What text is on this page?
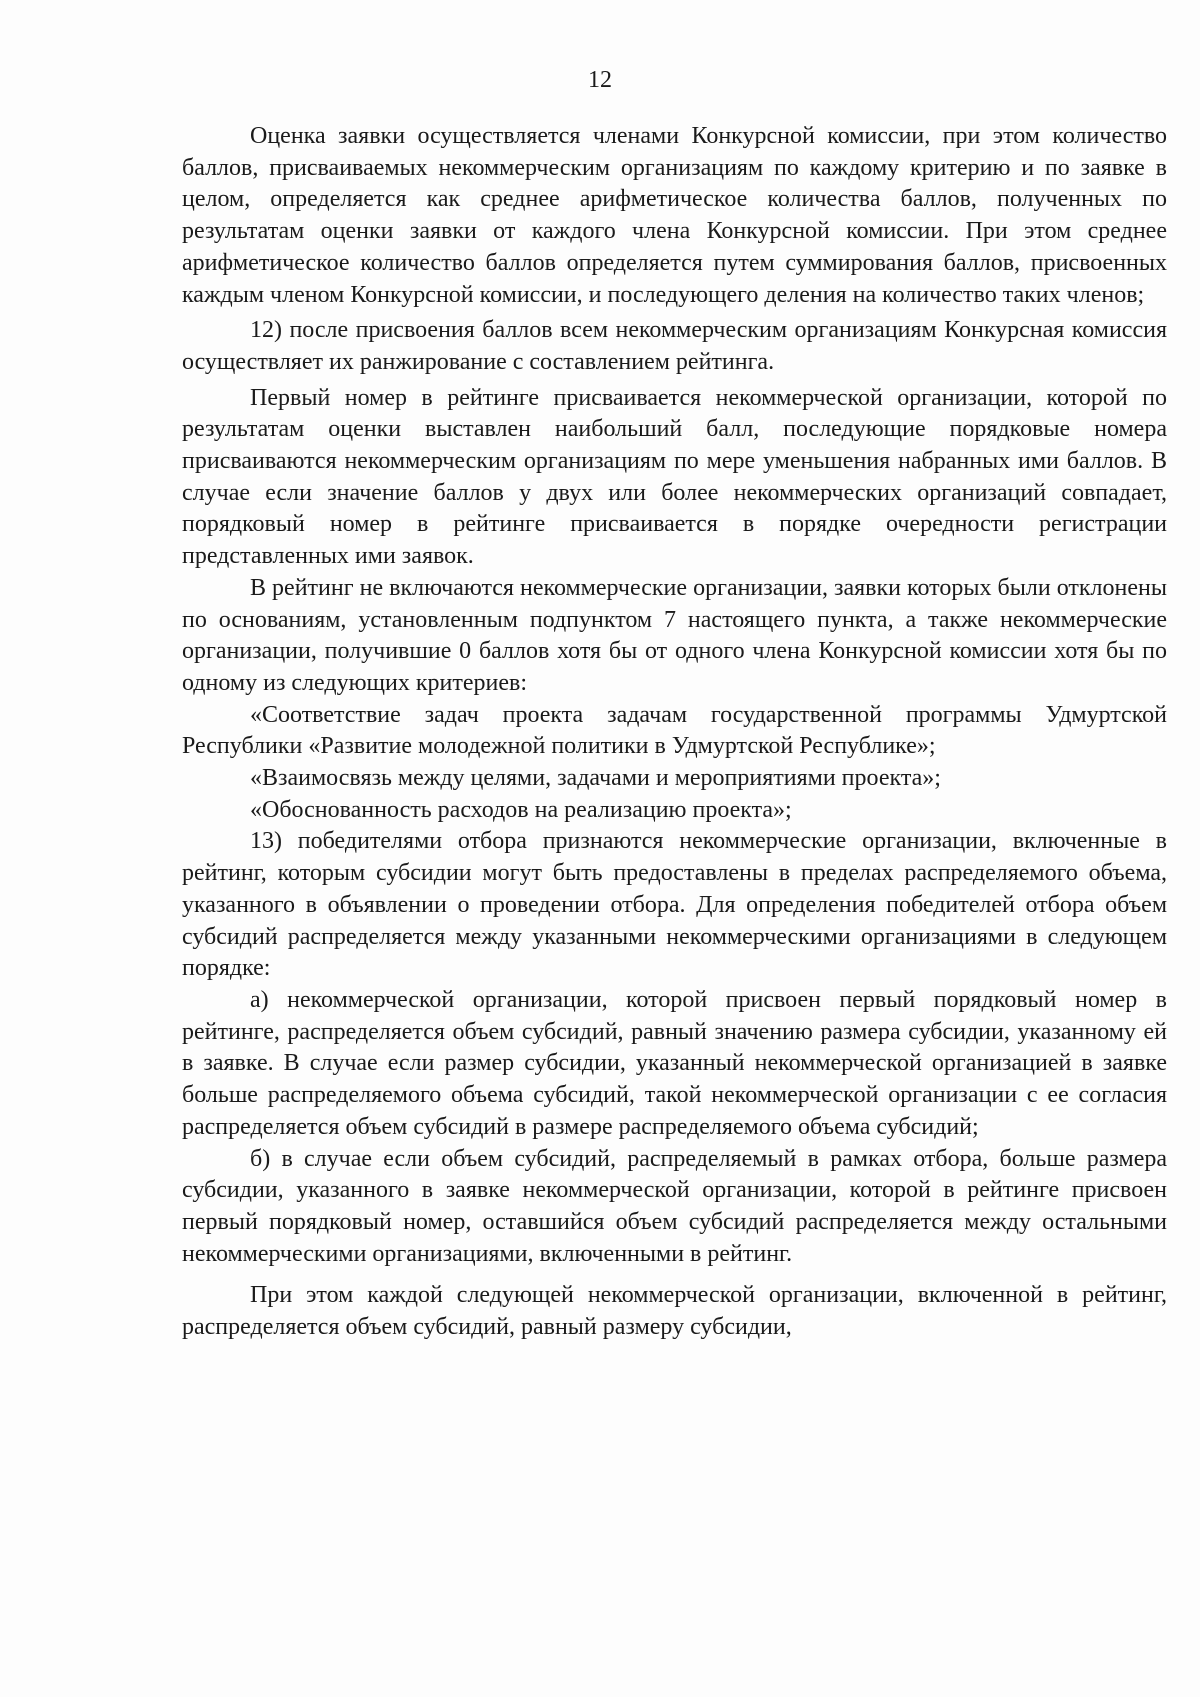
12

Оценка заявки осуществляется членами Конкурсной комиссии, при этом количество баллов, присваиваемых некоммерческим организациям по каждому критерию и по заявке в целом, определяется как среднее арифметическое количества баллов, полученных по результатам оценки заявки от каждого члена Конкурсной комиссии. При этом среднее арифметическое количество баллов определяется путем суммирования баллов, присвоенных каждым членом Конкурсной комиссии, и последующего деления на количество таких членов;

12) после присвоения баллов всем некоммерческим организациям Конкурсная комиссия осуществляет их ранжирование с составлением рейтинга.

Первый номер в рейтинге присваивается некоммерческой организации, которой по результатам оценки выставлен наибольший балл, последующие порядковые номера присваиваются некоммерческим организациям по мере уменьшения набранных ими баллов. В случае если значение баллов у двух или более некоммерческих организаций совпадает, порядковый номер в рейтинге присваивается в порядке очередности регистрации представленных ими заявок.

В рейтинг не включаются некоммерческие организации, заявки которых были отклонены по основаниям, установленным подпунктом 7 настоящего пункта, а также некоммерческие организации, получившие 0 баллов хотя бы от одного члена Конкурсной комиссии хотя бы по одному из следующих критериев:

«Соответствие задач проекта задачам государственной программы Удмуртской Республики «Развитие молодежной политики в Удмуртской Республике»;

«Взаимосвязь между целями, задачами и мероприятиями проекта»;

«Обоснованность расходов на реализацию проекта»;

13) победителями отбора признаются некоммерческие организации, включенные в рейтинг, которым субсидии могут быть предоставлены в пределах распределяемого объема, указанного в объявлении о проведении отбора. Для определения победителей отбора объем субсидий распределяется между указанными некоммерческими организациями в следующем порядке:

а) некоммерческой организации, которой присвоен первый порядковый номер в рейтинге, распределяется объем субсидий, равный значению размера субсидии, указанному ей в заявке. В случае если размер субсидии, указанный некоммерческой организацией в заявке больше распределяемого объема субсидий, такой некоммерческой организации с ее согласия распределяется объем субсидий в размере распределяемого объема субсидий;

б) в случае если объем субсидий, распределяемый в рамках отбора, больше размера субсидии, указанного в заявке некоммерческой организации, которой в рейтинге присвоен первый порядковый номер, оставшийся объем субсидий распределяется между остальными некоммерческими организациями, включенными в рейтинг.

При этом каждой следующей некоммерческой организации, включенной в рейтинг, распределяется объем субсидий, равный размеру субсидии,
